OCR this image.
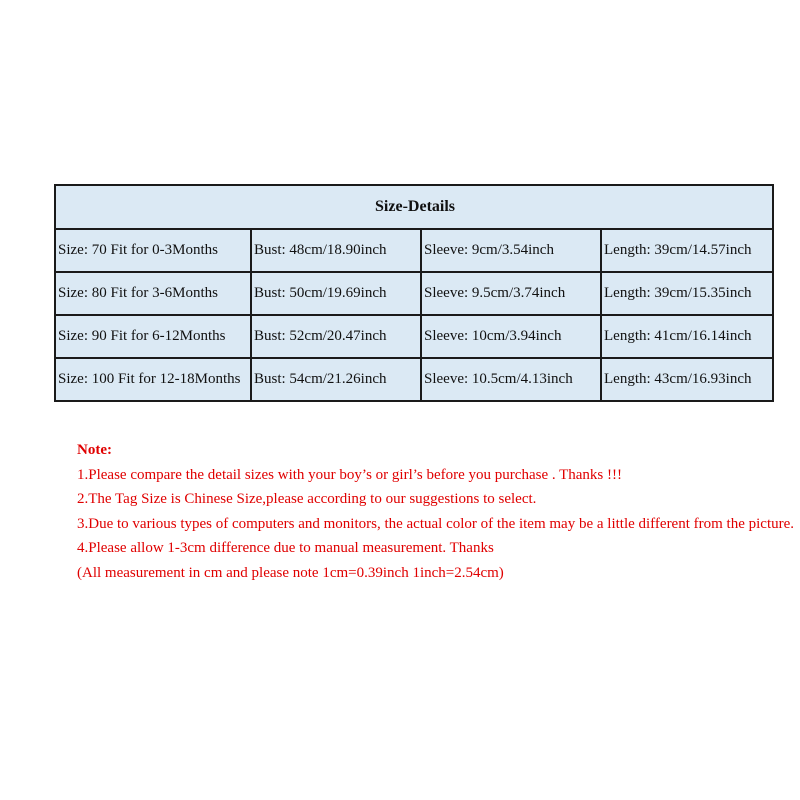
Size-Details			
Size: 70 Fit for 0-3Months	Bust: 48cm/18.90inch	Sleeve: 9cm/3.54inch	Length: 39cm/14.57inch
Size: 80 Fit for 3-6Months	Bust: 50cm/19.69inch	Sleeve: 9.5cm/3.74inch	Length: 39cm/15.35inch
Size: 90 Fit for 6-12Months	Bust: 52cm/20.47inch	Sleeve: 10cm/3.94inch	Length: 41cm/16.14inch
Size: 100 Fit for 12-18Months	Bust: 54cm/21.26inch	Sleeve: 10.5cm/4.13inch	Length: 43cm/16.93inch
Note:
1.Please compare the detail sizes with your boy’s or girl’s before you purchase . Thanks !!!
2.The Tag Size is Chinese Size,please according to our suggestions to select.
3.Due to various types of computers and monitors, the actual color of the item may be a little different from the picture.
4.Please allow 1-3cm difference due to manual measurement. Thanks
(All measurement in cm and please note 1cm=0.39inch 1inch=2.54cm)
